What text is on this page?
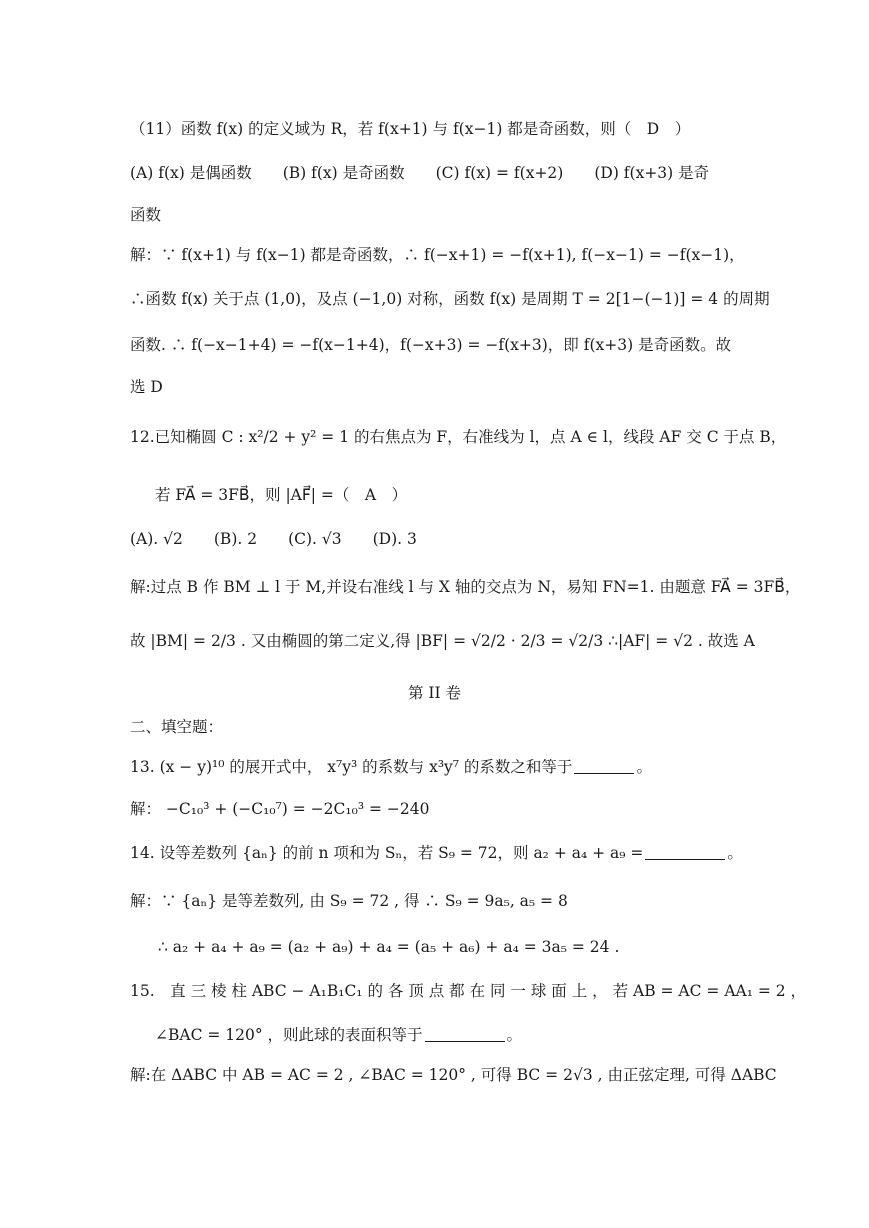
（11）函数 f(x) 的定义域为 R，若 f(x+1) 与 f(x−1) 都是奇函数，则（　D　）
(A) f(x) 是偶函数　　(B) f(x) 是奇函数　　(C) f(x) = f(x+2)　　(D) f(x+3) 是奇
函数
解：∵ f(x+1) 与 f(x−1) 都是奇函数，∴ f(−x+1) = −f(x+1), f(−x−1) = −f(x−1)，
∴函数 f(x) 关于点 (1,0)，及点 (−1,0) 对称，函数 f(x) 是周期 T = 2[1−(−1)] = 4 的周期
函数. ∴ f(−x−1+4) = −f(x−1+4)，f(−x+3) = −f(x+3)，即 f(x+3) 是奇函数。故
选 D
12.已知椭圆 C : x²/2 + y² = 1 的右焦点为 F，右准线为 l，点 A ∈ l，线段 AF 交 C 于点 B，
若 FA⃗ = 3FB⃗，则 |AF⃗| =（　A　）
(A). √2　　(B). 2　　(C). √3　　(D). 3
解:过点 B 作 BM ⊥ l 于 M,并设右准线 l 与 X 轴的交点为 N，易知 FN=1. 由题意 FA⃗ = 3FB⃗，
故 |BM| = 2/3 . 又由椭圆的第二定义,得 |BF| = √2/2 · 2/3 = √2/3 ∴|AF| = √2 . 故选 A
第 II 卷
二、填空题：
13. (x − y)¹⁰ 的展开式中， x⁷y³ 的系数与 x³y⁷ 的系数之和等于	。
解： −C₁₀³ + (−C₁₀⁷) = −2C₁₀³ = −240
14. 设等差数列 {aₙ} 的前 n 项和为 Sₙ，若 S₉ = 72，则 a₂ + a₄ + a₉ =	。
解：∵ {aₙ} 是等差数列, 由 S₉ = 72 , 得 ∴ S₉ = 9a₅, a₅ = 8
∴ a₂ + a₄ + a₉ = (a₂ + a₉) + a₄ = (a₅ + a₆) + a₄ = 3a₅ = 24 .
15.　直 三 棱 柱 ABC − A₁B₁C₁ 的 各 顶 点 都 在 同 一 球 面 上 ， 若 AB = AC = AA₁ = 2 ，
∠BAC = 120° ，则此球的表面积等于	。
解:在 ΔABC 中 AB = AC = 2 , ∠BAC = 120° , 可得 BC = 2√3 , 由正弦定理, 可得 ΔABC
